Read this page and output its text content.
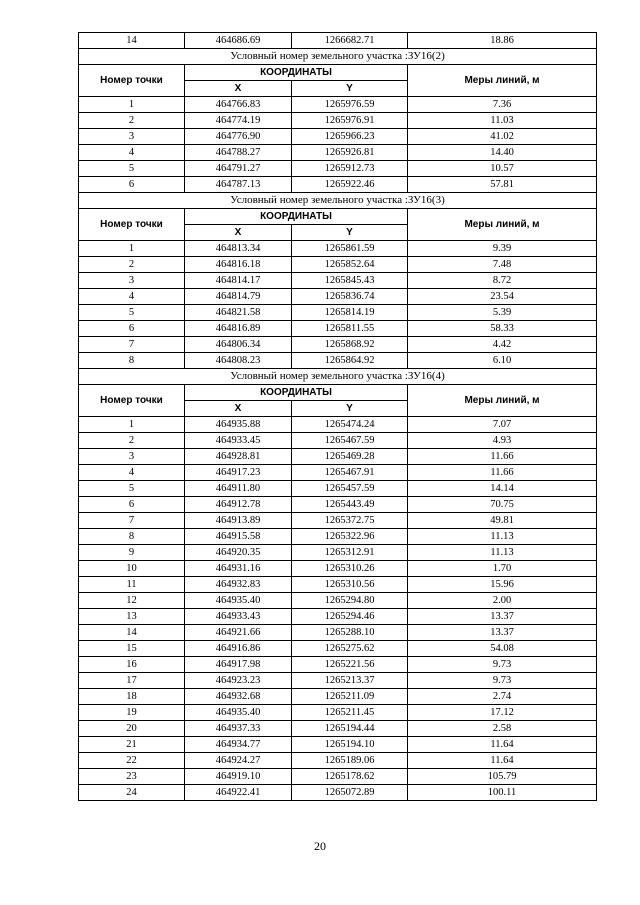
14	464686.69	1266682.71	18.86
Условный номер земельного участка :ЗУ16(2)			
Номер точки	КООРДИНАТЫ		Меры линий, м
	X	Y	
1	464766.83	1265976.59	7.36
2	464774.19	1265976.91	11.03
3	464776.90	1265966.23	41.02
4	464788.27	1265926.81	14.40
5	464791.27	1265912.73	10.57
6	464787.13	1265922.46	57.81
Условный номер земельного участка :ЗУ16(3)			
Номер точки	КООРДИНАТЫ		Меры линий, м
	X	Y	
1	464813.34	1265861.59	9.39
2	464816.18	1265852.64	7.48
3	464814.17	1265845.43	8.72
4	464814.79	1265836.74	23.54
5	464821.58	1265814.19	5.39
6	464816.89	1265811.55	58.33
7	464806.34	1265868.92	4.42
8	464808.23	1265864.92	6.10
Условный номер земельного участка :ЗУ16(4)			
Номер точки	КООРДИНАТЫ		Меры линий, м
	X	Y	
1	464935.88	1265474.24	7.07
2	464933.45	1265467.59	4.93
3	464928.81	1265469.28	11.66
4	464917.23	1265467.91	11.66
5	464911.80	1265457.59	14.14
6	464912.78	1265443.49	70.75
7	464913.89	1265372.75	49.81
8	464915.58	1265322.96	11.13
9	464920.35	1265312.91	11.13
10	464931.16	1265310.26	1.70
11	464932.83	1265310.56	15.96
12	464935.40	1265294.80	2.00
13	464933.43	1265294.46	13.37
14	464921.66	1265288.10	13.37
15	464916.86	1265275.62	54.08
16	464917.98	1265221.56	9.73
17	464923.23	1265213.37	9.73
18	464932.68	1265211.09	2.74
19	464935.40	1265211.45	17.12
20	464937.33	1265194.44	2.58
21	464934.77	1265194.10	11.64
22	464924.27	1265189.06	11.64
23	464919.10	1265178.62	105.79
24	464922.41	1265072.89	100.11
20
